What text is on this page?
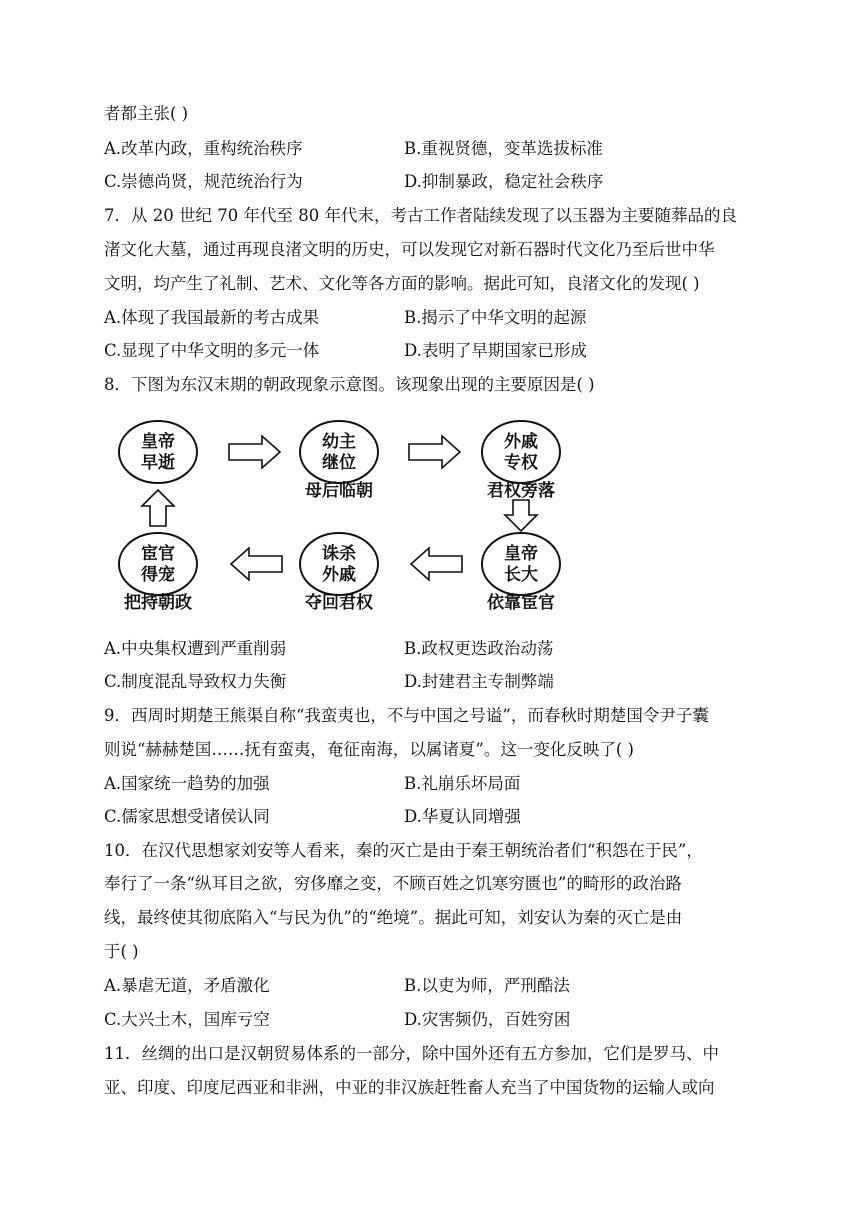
者都主张( )
A.改革内政，重构统治秩序	B.重视贤德，变革选拔标准
C.崇德尚贤，规范统治行为	D.抑制暴政，稳定社会秩序
7．从 20 世纪 70 年代至 80 年代末，考古工作者陆续发现了以玉器为主要随葬品的良
渚文化大墓，通过再现良渚文明的历史，可以发现它对新石器时代文化乃至后世中华
文明，均产生了礼制、艺术、文化等各方面的影响。据此可知，良渚文化的发现( )
A.体现了我国最新的考古成果	B.揭示了中华文明的起源
C.显现了中华文明的多元一体	D.表明了早期国家已形成
8．下图为东汉末期的朝政现象示意图。该现象出现的主要原因是( )
皇帝
早逝
幼主
继位
外戚
专权
宦官
得宠
诛杀
外戚
皇帝
长大
母后临朝	君权旁落
把持朝政	夺回君权	依靠宦官
A.中央集权遭到严重削弱	B.政权更迭政治动荡
C.制度混乱导致权力失衡	D.封建君主专制弊端
9．西周时期楚王熊渠自称“我蛮夷也，不与中国之号谥”，而春秋时期楚国令尹子囊
则说“赫赫楚国……抚有蛮夷，奄征南海，以属诸夏”。这一变化反映了( )
A.国家统一趋势的加强	B.礼崩乐坏局面
C.儒家思想受诸侯认同	D.华夏认同增强
10．在汉代思想家刘安等人看来，秦的灭亡是由于秦王朝统治者们“积怨在于民”，
奉行了一条“纵耳目之欲，穷侈靡之变，不顾百姓之饥寒穷匮也”的畸形的政治路
线，最终使其彻底陷入“与民为仇”的“绝境”。据此可知，刘安认为秦的灭亡是由
于( )
A.暴虐无道，矛盾激化	B.以吏为师，严刑酷法
C.大兴土木，国库亏空	D.灾害频仍，百姓穷困
11．丝绸的出口是汉朝贸易体系的一部分，除中国外还有五方参加，它们是罗马、中
亚、印度、印度尼西亚和非洲，中亚的非汉族赶牲畜人充当了中国货物的运输人或向
